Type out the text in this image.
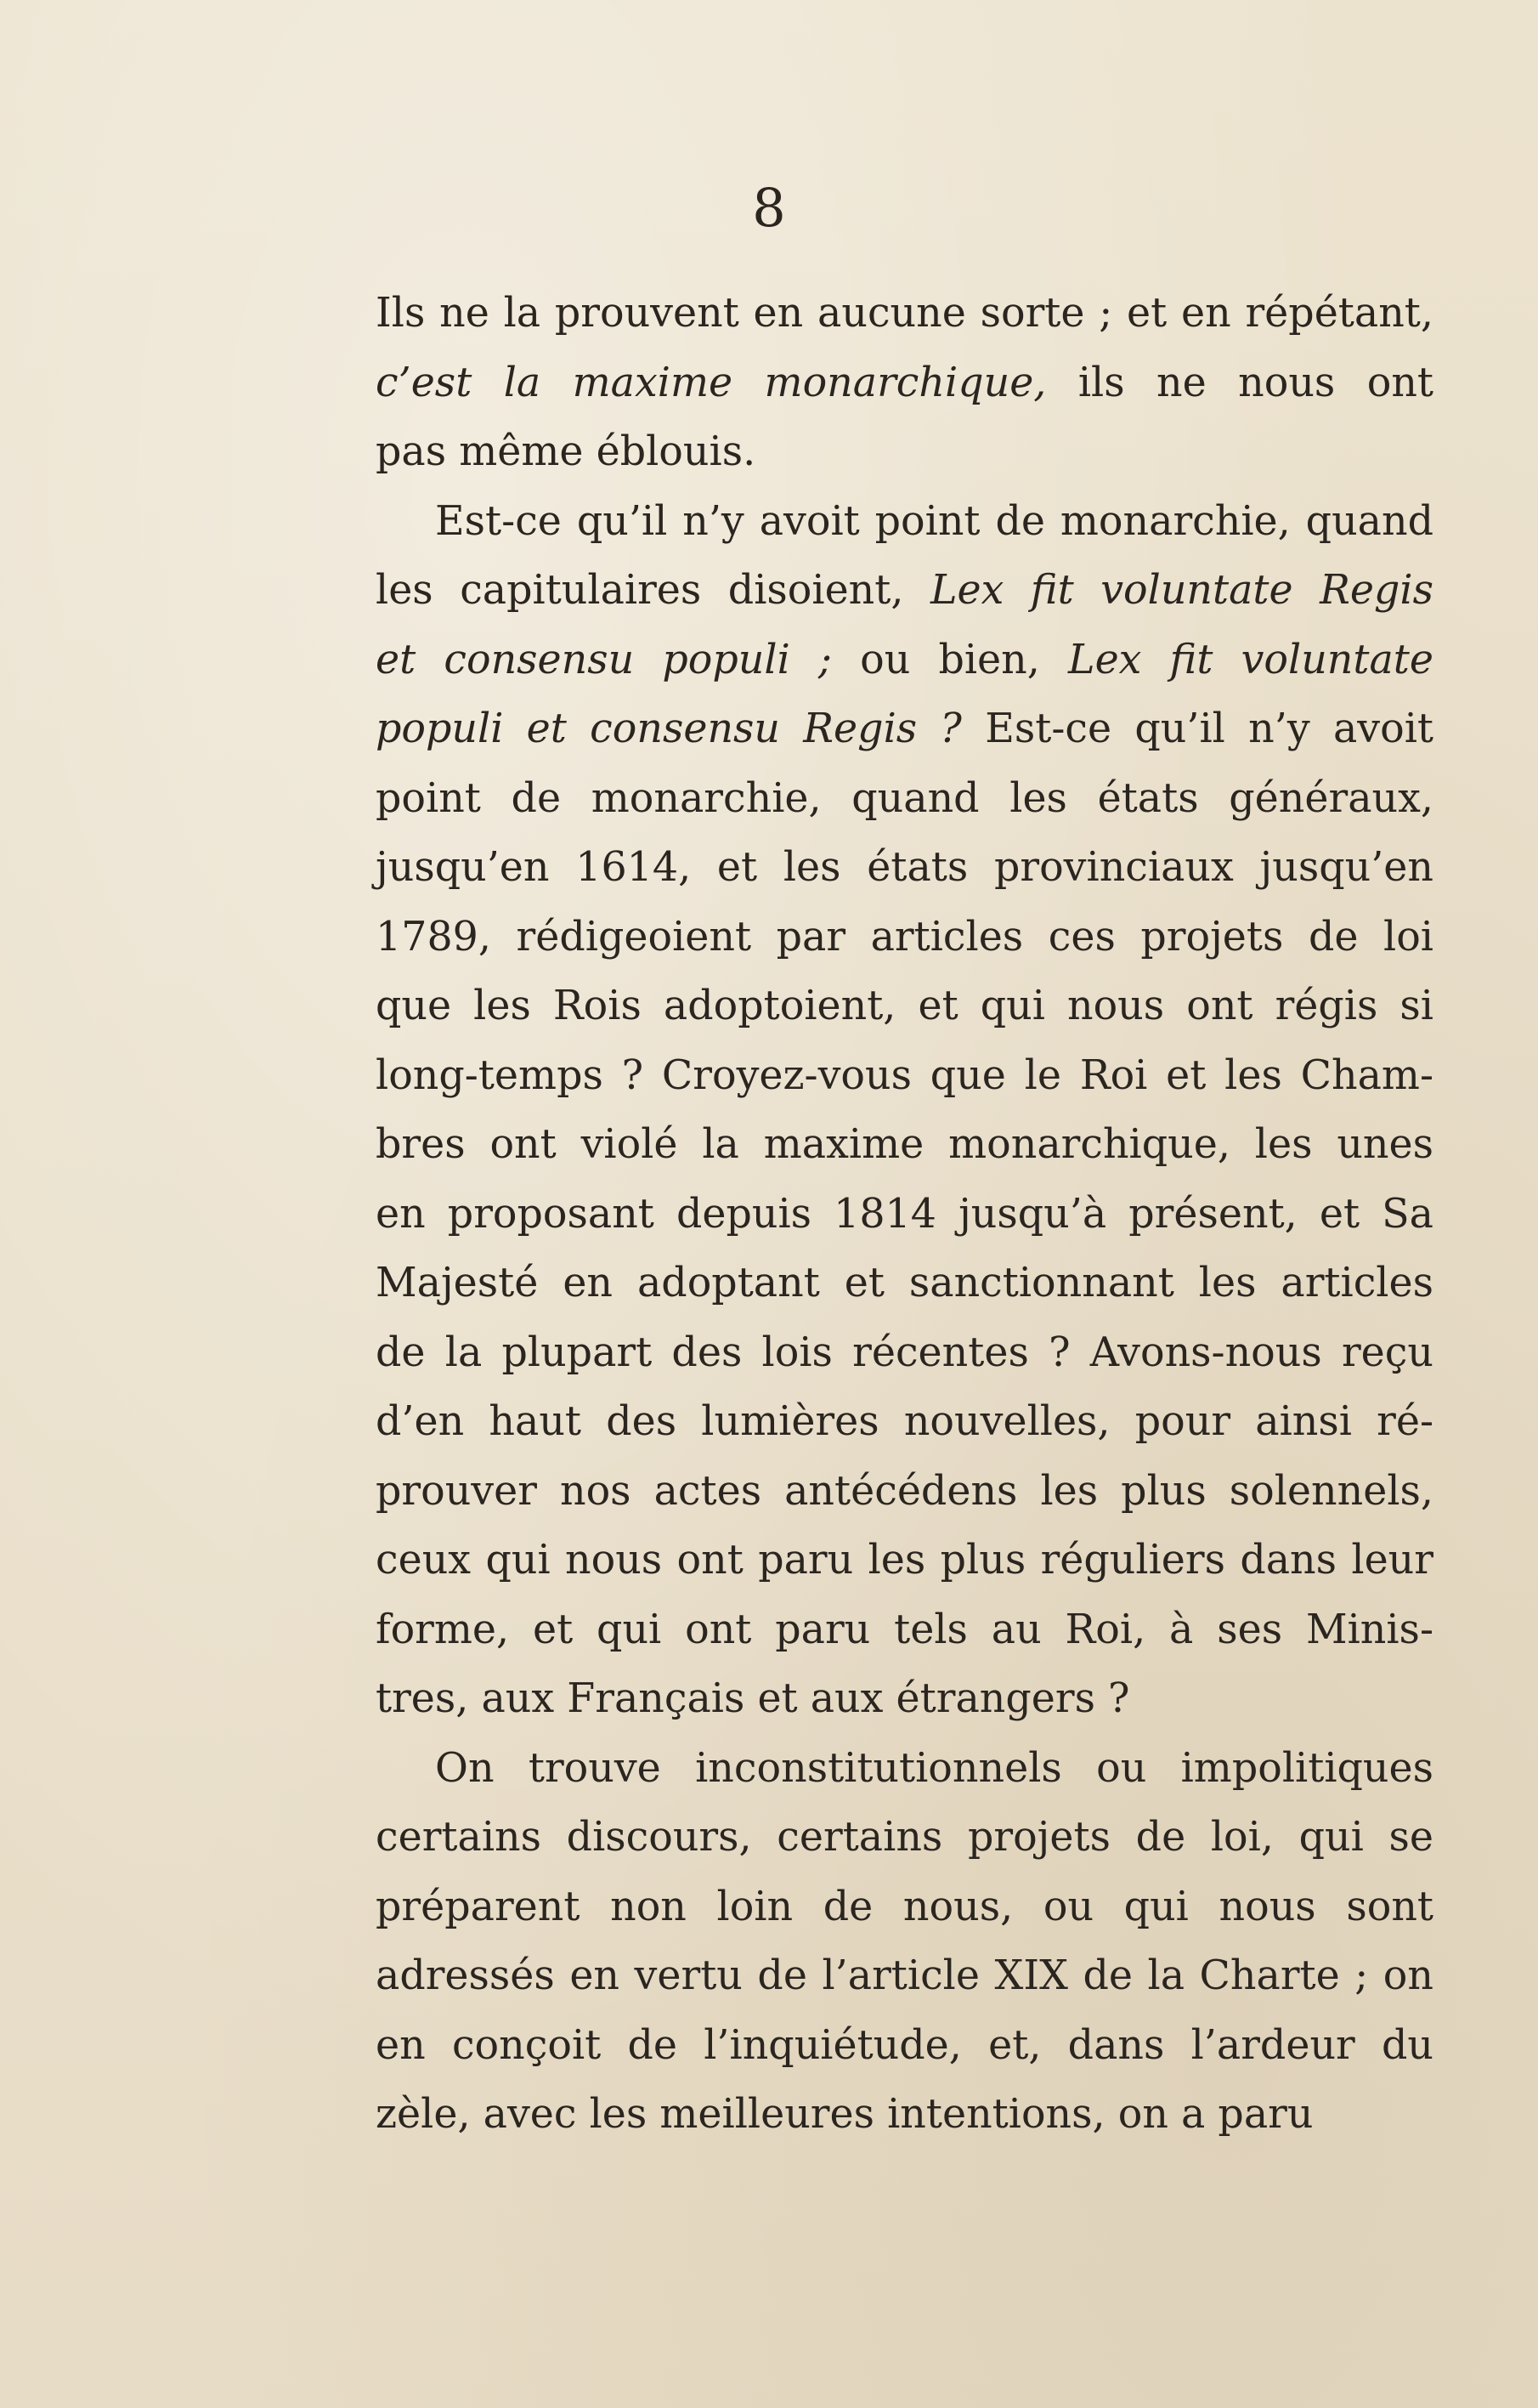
8
Ils ne la prouvent en aucune sorte ; et en répétant,
c’est la maxime monarchique, ils ne nous ont
pas même éblouis.
Est-ce qu’il n’y avoit point de monarchie, quand
les capitulaires disoient, Lex fit voluntate Regis
et consensu populi ; ou bien, Lex fit voluntate
populi et consensu Regis ? Est-ce qu’il n’y avoit
point de monarchie, quand les états généraux,
jusqu’en 1614, et les états provinciaux jusqu’en
1789, rédigeoient par articles ces projets de loi
que les Rois adoptoient, et qui nous ont régis si
long-temps ? Croyez-vous que le Roi et les Cham-
bres ont violé la maxime monarchique, les unes
en proposant depuis 1814 jusqu’à présent, et Sa
Majesté en adoptant et sanctionnant les articles
de la plupart des lois récentes ? Avons-nous reçu
d’en haut des lumières nouvelles, pour ainsi ré-
prouver nos actes antécédens les plus solennels,
ceux qui nous ont paru les plus réguliers dans leur
forme, et qui ont paru tels au Roi, à ses Minis-
tres, aux Français et aux étrangers ?
On trouve inconstitutionnels ou impolitiques
certains discours, certains projets de loi, qui se
préparent non loin de nous, ou qui nous sont
adressés en vertu de l’article XIX de la Charte ; on
en conçoit de l’inquiétude, et, dans l’ardeur du
zèle, avec les meilleures intentions, on a paru
